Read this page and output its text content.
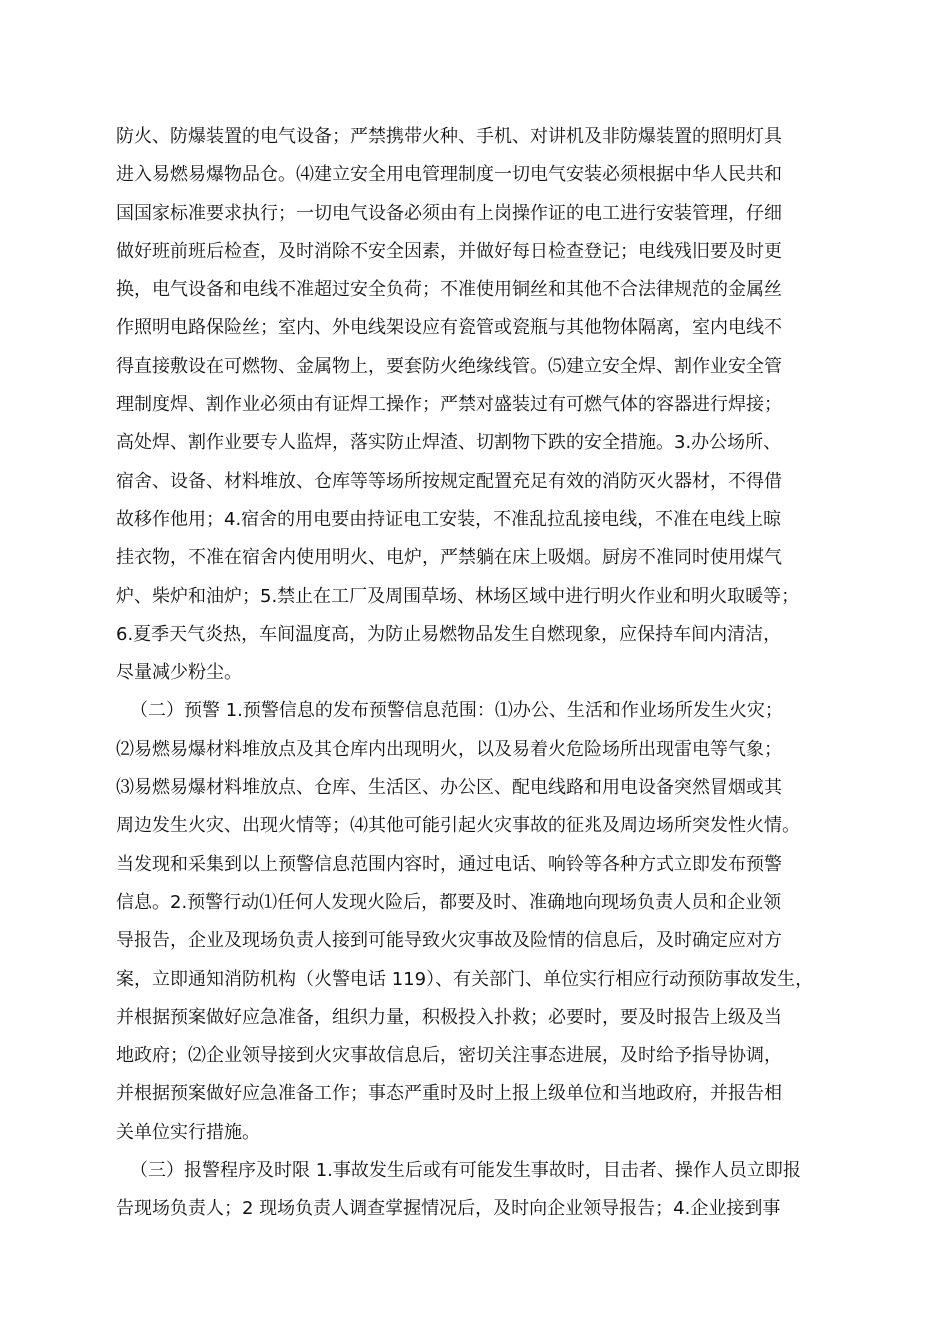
防火、防爆装置的电气设备；严禁携带火种、手机、对讲机及非防爆装置的照明灯具
进入易燃易爆物品仓。⑷建立安全用电管理制度一切电气安装必须根据中华人民共和
国国家标准要求执行；一切电气设备必须由有上岗操作证的电工进行安装管理，仔细
做好班前班后检查，及时消除不安全因素，并做好每日检查登记；电线残旧要及时更
换，电气设备和电线不准超过安全负荷；不准使用铜丝和其他不合法律规范的金属丝
作照明电路保险丝；室内、外电线架设应有瓷管或瓷瓶与其他物体隔离，室内电线不
得直接敷设在可燃物、金属物上，要套防火绝缘线管。⑸建立安全焊、割作业安全管
理制度焊、割作业必须由有证焊工操作；严禁对盛装过有可燃气体的容器进行焊接；
高处焊、割作业要专人监焊，落实防止焊渣、切割物下跌的安全措施。3.办公场所、
宿舍、设备、材料堆放、仓库等等场所按规定配置充足有效的消防灭火器材，不得借
故移作他用；4.宿舍的用电要由持证电工安装，不准乱拉乱接电线，不准在电线上晾
挂衣物，不准在宿舍内使用明火、电炉，严禁躺在床上吸烟。厨房不准同时使用煤气
炉、柴炉和油炉；5.禁止在工厂及周围草场、林场区域中进行明火作业和明火取暖等；
6.夏季天气炎热，车间温度高，为防止易燃物品发生自燃现象，应保持车间内清洁，
尽量减少粉尘。
（二）预警 1.预警信息的发布预警信息范围：⑴办公、生活和作业场所发生火灾；
⑵易燃易爆材料堆放点及其仓库内出现明火，以及易着火危险场所出现雷电等气象；
⑶易燃易爆材料堆放点、仓库、生活区、办公区、配电线路和用电设备突然冒烟或其
周边发生火灾、出现火情等；⑷其他可能引起火灾事故的征兆及周边场所突发性火情。
当发现和采集到以上预警信息范围内容时，通过电话、响铃等各种方式立即发布预警
信息。2.预警行动⑴任何人发现火险后，都要及时、准确地向现场负责人员和企业领
导报告，企业及现场负责人接到可能导致火灾事故及险情的信息后，及时确定应对方
案，立即通知消防机构（火警电话 119）、有关部门、单位实行相应行动预防事故发生，
并根据预案做好应急准备，组织力量，积极投入扑救；必要时，要及时报告上级及当
地政府；⑵企业领导接到火灾事故信息后，密切关注事态进展，及时给予指导协调，
并根据预案做好应急准备工作；事态严重时及时上报上级单位和当地政府，并报告相
关单位实行措施。
（三）报警程序及时限 1.事故发生后或有可能发生事故时，目击者、操作人员立即报
告现场负责人；2 现场负责人调查掌握情况后，及时向企业领导报告；4.企业接到事
